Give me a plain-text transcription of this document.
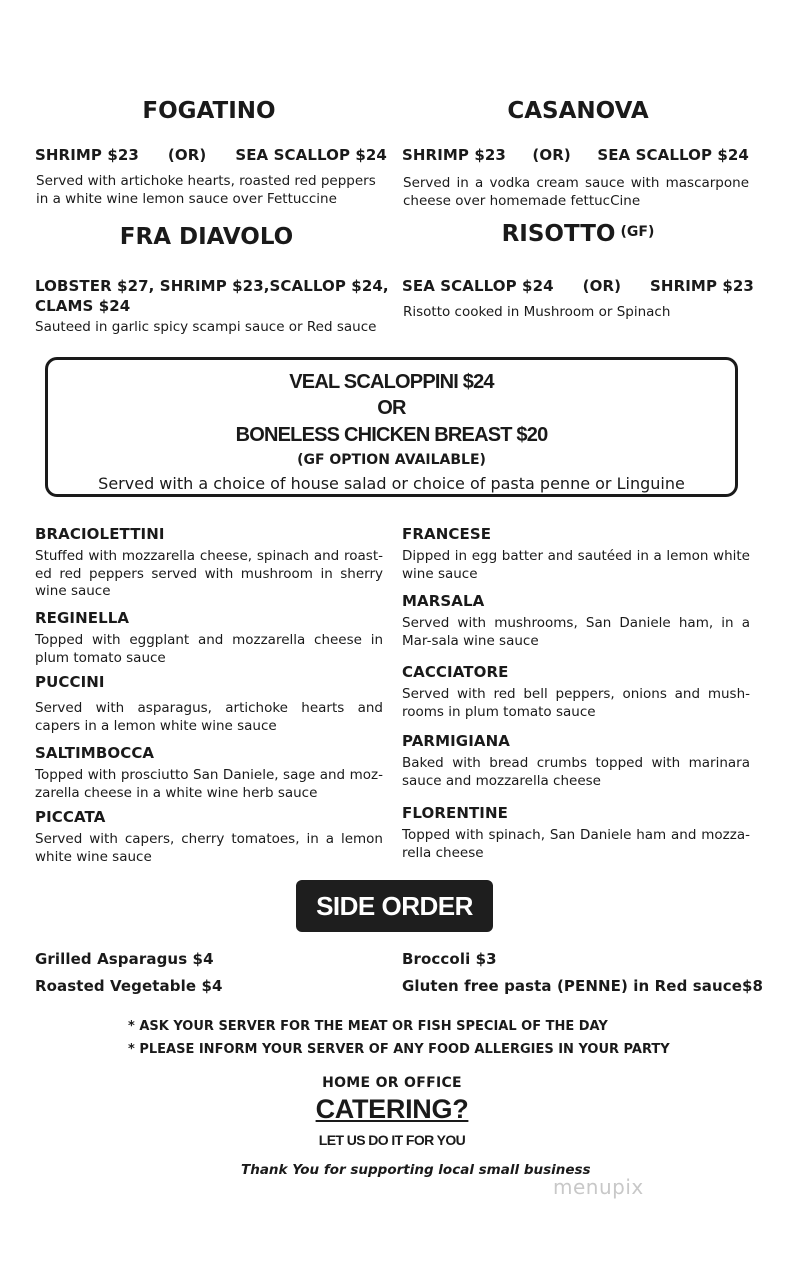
FOGATINO
SHRIMP $23 (OR) SEA SCALLOP $24
Served with artichoke hearts, roasted red peppers in a white wine lemon sauce over Fettuccine
CASANOVA
SHRIMP $23 (OR) SEA SCALLOP $24
Served in a vodka cream sauce with mascarpone cheese over homemade fettucCine
FRA DIAVOLO
LOBSTER $27, SHRIMP $23,SCALLOP $24,
CLAMS $24
Sauteed in garlic spicy scampi sauce or Red sauce
RISOTTO (GF)
SEA SCALLOP $24 (OR) SHRIMP $23
Risotto cooked in Mushroom or Spinach
VEAL SCALOPPINI $24
OR
BONELESS CHICKEN BREAST $20
(GF OPTION AVAILABLE)
Served with a choice of house salad or choice of pasta penne or Linguine
BRACIOLETTINI
Stuffed with mozzarella cheese, spinach and roast-ed red peppers served with mushroom in sherry wine sauce
REGINELLA
Topped with eggplant and mozzarella cheese in plum tomato sauce
PUCCINI
Served with asparagus, artichoke hearts and capers in a lemon white wine sauce
SALTIMBOCCA
Topped with prosciutto San Daniele, sage and moz-zarella cheese in a white wine herb sauce
PICCATA
Served with capers, cherry tomatoes, in a lemon white wine sauce
FRANCESE
Dipped in egg batter and sautéed in a lemon white wine sauce
MARSALA
Served with mushrooms, San Daniele ham, in a Mar-sala wine sauce
CACCIATORE
Served with red bell peppers, onions and mush-rooms in plum tomato sauce
PARMIGIANA
Baked with bread crumbs topped with marinara sauce and mozzarella cheese
FLORENTINE
Topped with spinach, San Daniele ham and mozza-rella cheese
SIDE ORDER
Grilled Asparagus $4
Roasted Vegetable $4
Broccoli $3
Gluten free pasta (PENNE) in Red sauce$8
* ASK YOUR SERVER FOR THE MEAT OR FISH SPECIAL OF THE DAY
* PLEASE INFORM YOUR SERVER OF ANY FOOD ALLERGIES IN YOUR PARTY
HOME OR OFFICE
CATERING?
LET US DO IT FOR YOU
Thank You for supporting local small business
menupix
